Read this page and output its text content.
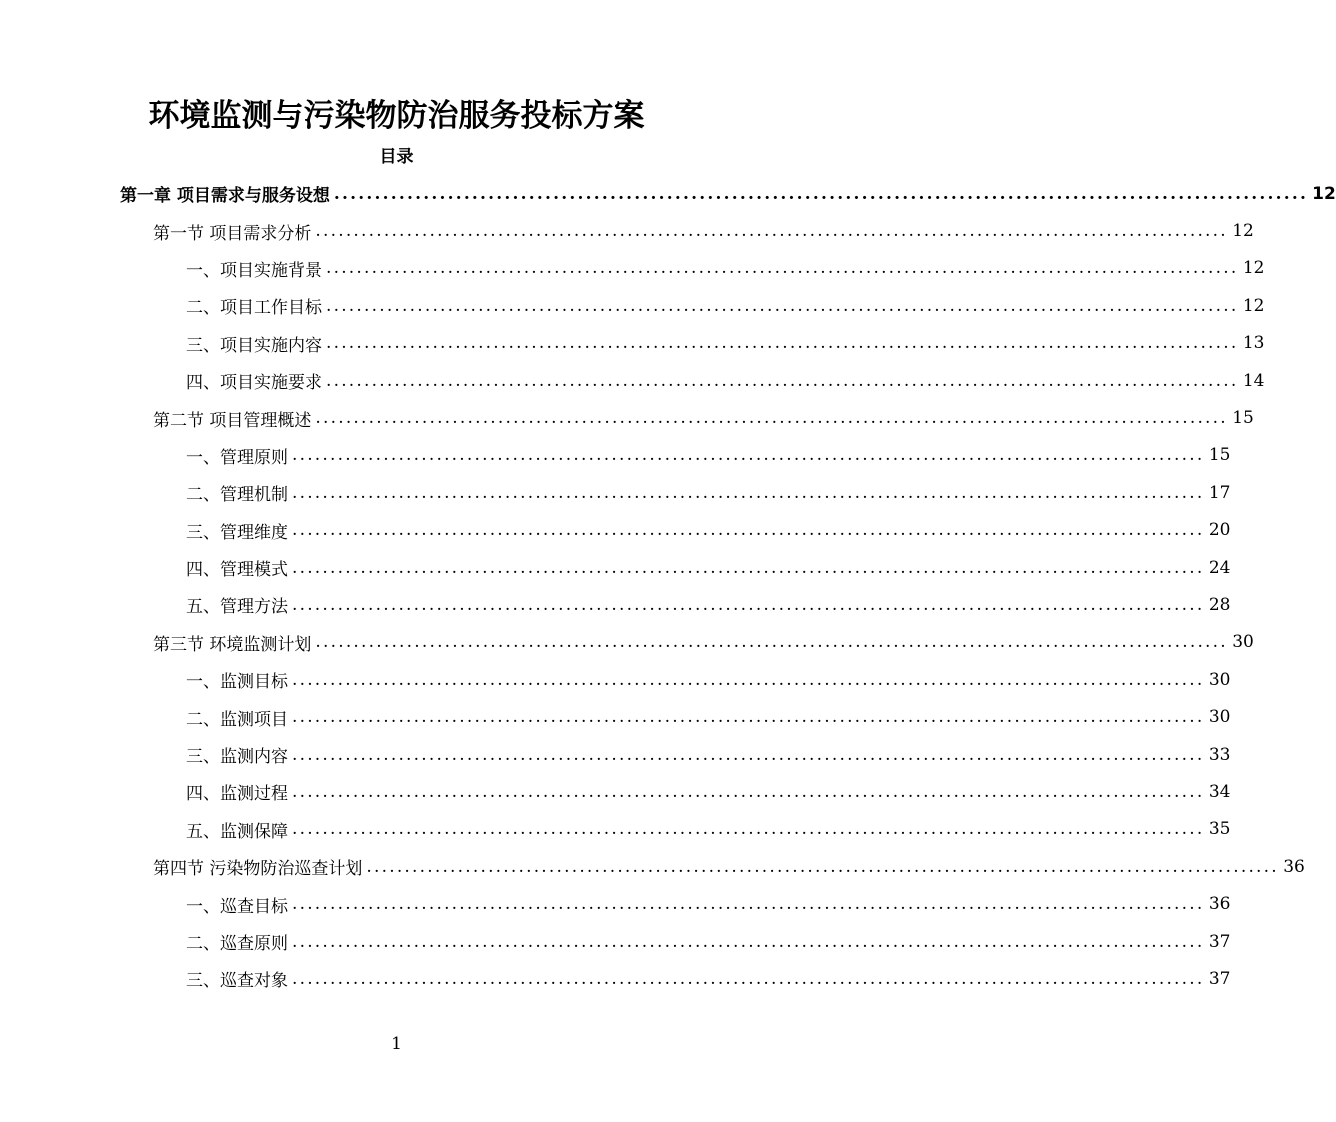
环境监测与污染物防治服务投标方案
目录
第一章 项目需求与服务设想 ........................................................................................................................ 12
第一节 项目需求分析 ........................................................................................................................ 12
一、项目实施背景 ........................................................................................................................ 12
二、项目工作目标 ........................................................................................................................ 12
三、项目实施内容 ........................................................................................................................ 13
四、项目实施要求 ........................................................................................................................ 14
第二节 项目管理概述 ........................................................................................................................ 15
一、管理原则 ........................................................................................................................ 15
二、管理机制 ........................................................................................................................ 17
三、管理维度 ........................................................................................................................ 20
四、管理模式 ........................................................................................................................ 24
五、管理方法 ........................................................................................................................ 28
第三节 环境监测计划 ........................................................................................................................ 30
一、监测目标 ........................................................................................................................ 30
二、监测项目 ........................................................................................................................ 30
三、监测内容 ........................................................................................................................ 33
四、监测过程 ........................................................................................................................ 34
五、监测保障 ........................................................................................................................ 35
第四节 污染物防治巡查计划 ........................................................................................................................ 36
一、巡查目标 ........................................................................................................................ 36
二、巡查原则 ........................................................................................................................ 37
三、巡查对象 ........................................................................................................................ 37
1
